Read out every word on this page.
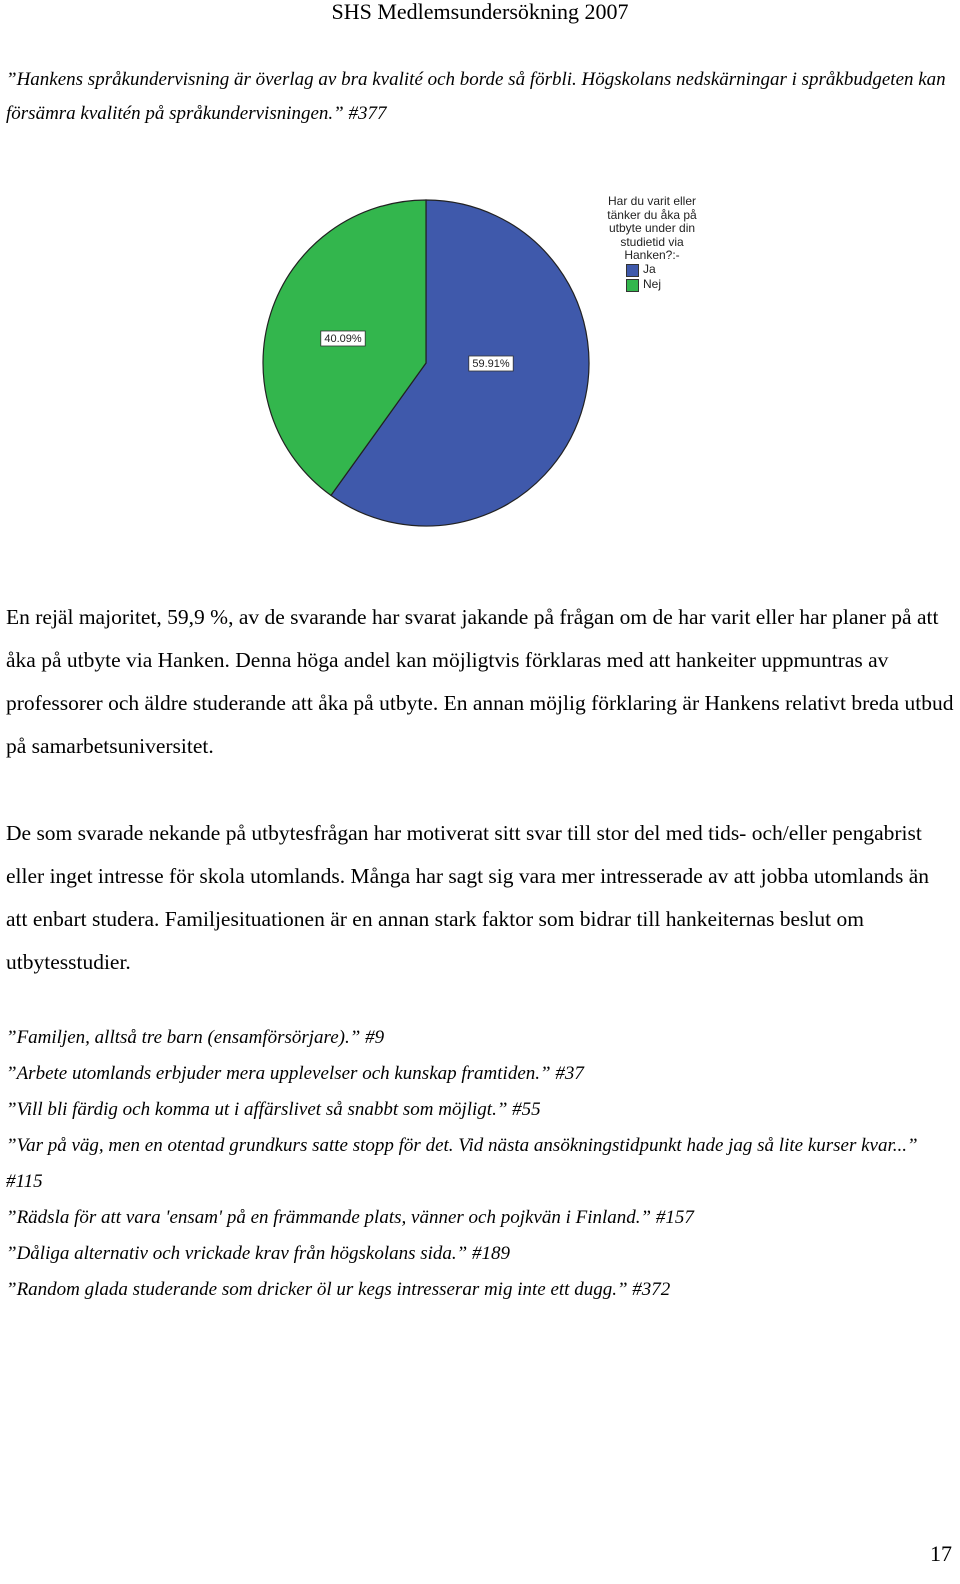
SHS Medlemsundersökning 2007
”Hankens språkundervisning är överlag av bra kvalité och borde så förbli. Högskolans nedskärningar i språkbudgeten kan försämra kvalitén på språkundervisningen.” #377
59.91%
40.09%
Har du varit eller tänker du åka på utbyte under din studietid via Hanken?:-
Ja
Nej
En rejäl majoritet, 59,9 %, av de svarande har svarat jakande på frågan om de har varit eller har planer på att åka på utbyte via Hanken. Denna höga andel kan möjligtvis förklaras med att hankeiter uppmuntras av professorer och äldre studerande att åka på utbyte. En annan möjlig förklaring är Hankens relativt breda utbud på samarbetsuniversitet.
De som svarade nekande på utbytesfrågan har motiverat sitt svar till stor del med tids- och/eller pengabrist eller inget intresse för skola utomlands. Många har sagt sig vara mer intresserade av att jobba utomlands än att enbart studera. Familjesituationen är en annan stark faktor som bidrar till hankeiternas beslut om utbytesstudier.
”Familjen, alltså tre barn (ensamförsörjare).” #9
”Arbete utomlands erbjuder mera upplevelser och kunskap framtiden.” #37
”Vill bli färdig och komma ut i affärslivet så snabbt som möjligt.” #55
”Var på väg, men en otentad grundkurs satte stopp för det. Vid nästa ansökningstidpunkt hade jag så lite kurser kvar...” #115
”Rädsla för att vara 'ensam' på en främmande plats, vänner och pojkvän i Finland.” #157
”Dåliga alternativ och vrickade krav från högskolans sida.” #189
”Random glada studerande som dricker öl ur kegs intresserar mig inte ett dugg.” #372
17
